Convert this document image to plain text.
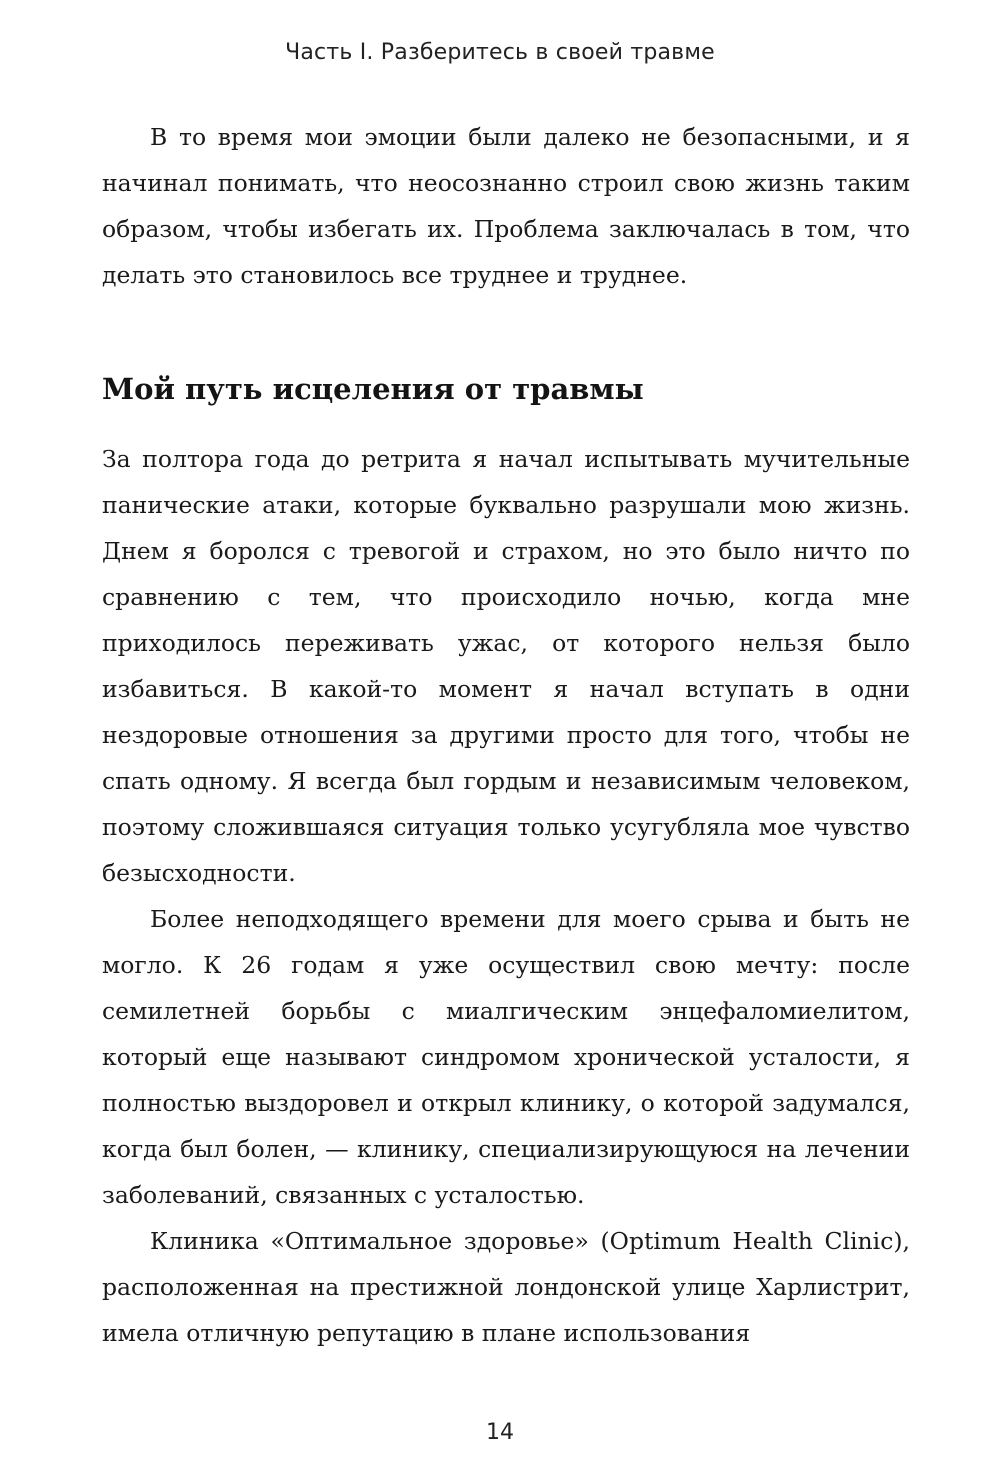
Часть I. Разберитесь в своей травме

В то время мои эмоции были далеко не безопасными, и я начинал понимать, что неосознанно строил свою жизнь таким образом, чтобы избегать их. Проблема заключалась в том, что делать это становилось все труднее и труднее.

Мой путь исцеления от травмы

За полтора года до ретрита я начал испытывать мучительные панические атаки, которые буквально разрушали мою жизнь. Днем я боролся с тревогой и страхом, но это было ничто по сравнению с тем, что происходило ночью, когда мне приходилось переживать ужас, от которого нельзя было избавиться. В какой-то момент я начал вступать в одни нездоровые отношения за другими просто для того, чтобы не спать одному. Я всегда был гордым и независимым человеком, поэтому сложившаяся ситуация только усугубляла мое чувство безысходности.

Более неподходящего времени для моего срыва и быть не могло. К 26 годам я уже осуществил свою мечту: после семилетней борьбы с миалгическим энцефаломиелитом, который еще называют синдромом хронической усталости, я полностью выздоровел и открыл клинику, о которой задумался, когда был болен, — клинику, специализирующуюся на лечении заболеваний, связанных с усталостью.

Клиника «Оптимальное здоровье» (Optimum Health Clinic), расположенная на престижной лондонской улице Харлистрит, имела отличную репутацию в плане использования

14
